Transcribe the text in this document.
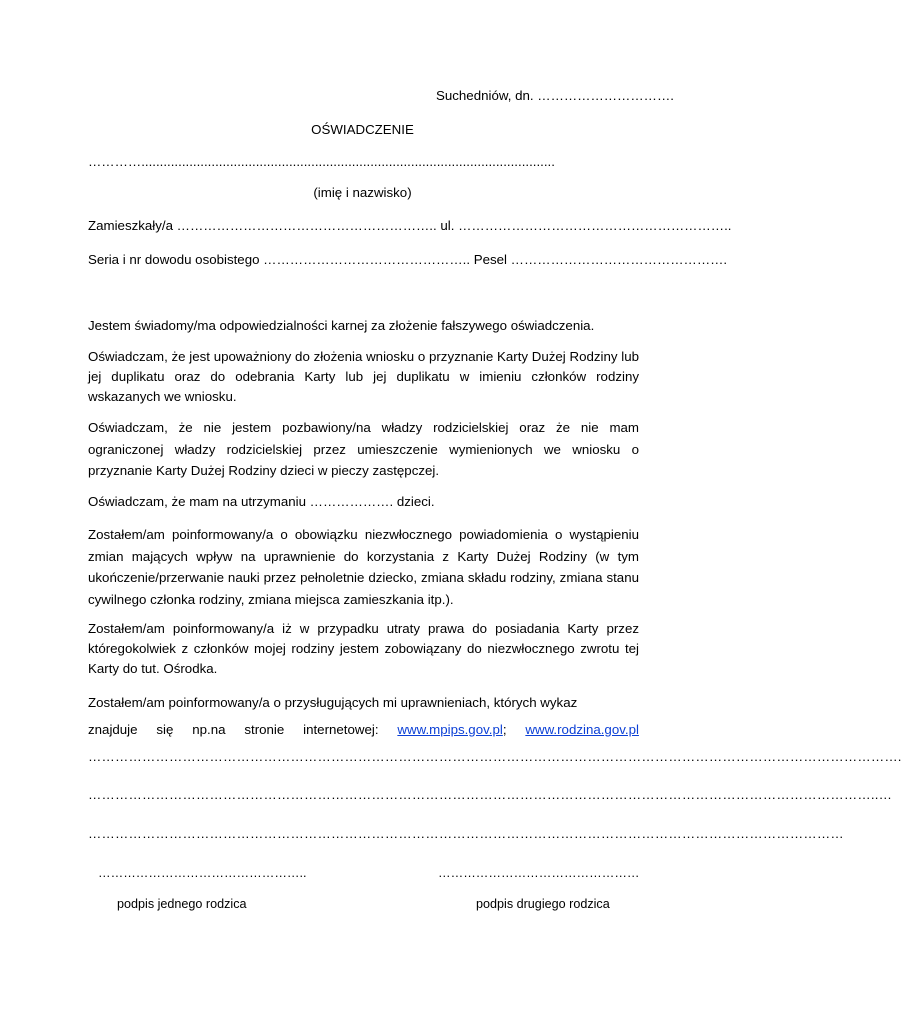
Suchedniów, dn. ………………………….
OŚWIADCZENIE
…………................................................................................................................
(imię i nazwisko)
Zamieszkały/a ………………………………………………….. ul. ……………………………………………………..
Seria i nr dowodu osobistego ……………………………………….. Pesel ………………………………………….
Jestem świadomy/ma odpowiedzialności karnej za złożenie fałszywego oświadczenia.
Oświadczam, że jest upoważniony do złożenia wniosku o przyznanie Karty Dużej Rodziny lub jej duplikatu oraz do odebrania Karty lub jej duplikatu w imieniu członków rodziny wskazanych we wniosku.
Oświadczam, że nie jestem pozbawiony/na władzy rodzicielskiej oraz że nie mam ograniczonej władzy rodzicielskiej przez umieszczenie wymienionych we wniosku o przyznanie Karty Dużej Rodziny dzieci w pieczy zastępczej.
Oświadczam, że mam na utrzymaniu ………………. dzieci.
Zostałem/am poinformowany/a o obowiązku niezwłocznego powiadomienia o wystąpieniu zmian mających wpływ na uprawnienie do korzystania z Karty Dużej Rodziny (w tym ukończenie/przerwanie nauki przez pełnoletnie dziecko, zmiana składu rodziny, zmiana stanu cywilnego członka rodziny, zmiana miejsca zamieszkania itp.).
Zostałem/am poinformowany/a iż w przypadku utraty prawa do posiadania Karty przez któregokolwiek z członków mojej rodziny jestem zobowiązany do niezwłocznego zwrotu tej Karty do tut. Ośrodka.
Zostałem/am poinformowany/a o przysługujących mi uprawnieniach, których wykaz
znajduje się np.na stronie internetowej: www.mpips.gov.pl; www.rodzina.gov.pl
……………………………………………………………………………………………………………………………………………………………….
…………………………………………………………………………………………………………………………………………………………..…
……………………………………………………………………………………………………………………………………………………
…………………………………………..	…………………………………………
podpis jednego rodzica	podpis drugiego rodzica
